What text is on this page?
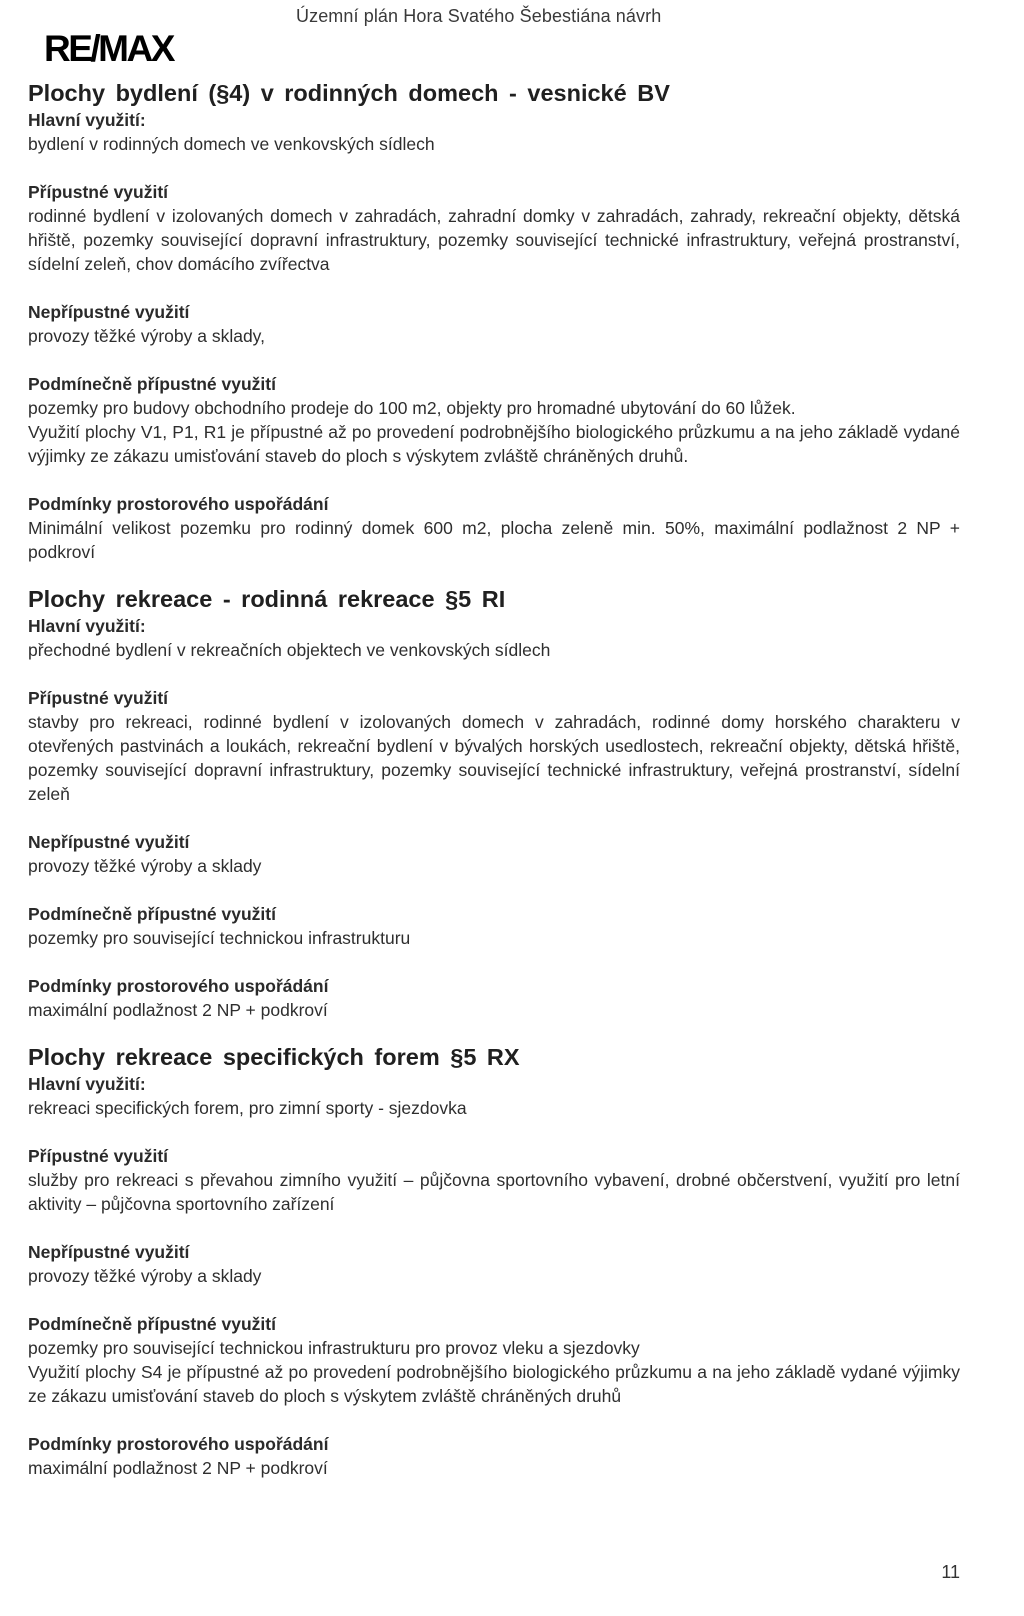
Územní plán Hora Svatého Šebestiána návrh
RE/MAX
Plochy bydlení (§4) v rodinných domech - vesnické BV
Hlavní využití:
bydlení v rodinných domech ve venkovských sídlech
Přípustné využití

rodinné bydlení v izolovaných domech v zahradách, zahradní domky v zahradách, zahrady, rekreační objekty, dětská hřiště, pozemky související dopravní infrastruktury, pozemky související technické infrastruktury, veřejná prostranství, sídelní zeleň, chov domácího zvířectva

Nepřípustné využití

provozy těžké výroby a sklady,

Podmínečně přípustné využití

pozemky pro budovy obchodního prodeje do 100 m2, objekty pro hromadné ubytování do 60 lůžek.

Využití plochy V1, P1, R1 je přípustné až po provedení podrobnějšího biologického průzkumu a na jeho základě vydané výjimky ze zákazu umisťování staveb do ploch s výskytem zvláště chráněných druhů.

Podmínky prostorového uspořádání

Minimální velikost pozemku pro rodinný domek 600 m2, plocha zeleně min. 50%, maximální podlažnost 2 NP + podkroví

Plochy rekreace - rodinná rekreace §5 RI
Hlavní využití:
přechodné bydlení v rekreačních objektech ve venkovských sídlech
Přípustné využití

stavby pro rekreaci, rodinné bydlení v izolovaných domech v zahradách, rodinné domy horského charakteru v otevřených pastvinách a loukách, rekreační bydlení v bývalých horských usedlostech, rekreační objekty, dětská hřiště, pozemky související dopravní infrastruktury, pozemky související technické infrastruktury, veřejná prostranství, sídelní zeleň

Nepřípustné využití

provozy těžké výroby a sklady

Podmínečně přípustné využití

pozemky pro související technickou infrastrukturu

Podmínky prostorového uspořádání

maximální podlažnost 2 NP + podkroví

Plochy rekreace specifických forem §5 RX
Hlavní využití:
rekreaci specifických forem, pro zimní sporty - sjezdovka
Přípustné využití

služby pro rekreaci s převahou zimního využití – půjčovna sportovního vybavení, drobné občerstvení, využití pro letní aktivity – půjčovna sportovního zařízení

Nepřípustné využití

provozy těžké výroby a sklady

Podmínečně přípustné využití

pozemky pro související technickou infrastrukturu pro provoz vleku a sjezdovky

Využití plochy S4 je přípustné až po provedení podrobnějšího biologického průzkumu a na jeho základě vydané výjimky ze zákazu umisťování staveb do ploch s výskytem zvláště chráněných druhů

Podmínky prostorového uspořádání

maximální podlažnost 2 NP + podkroví

11
